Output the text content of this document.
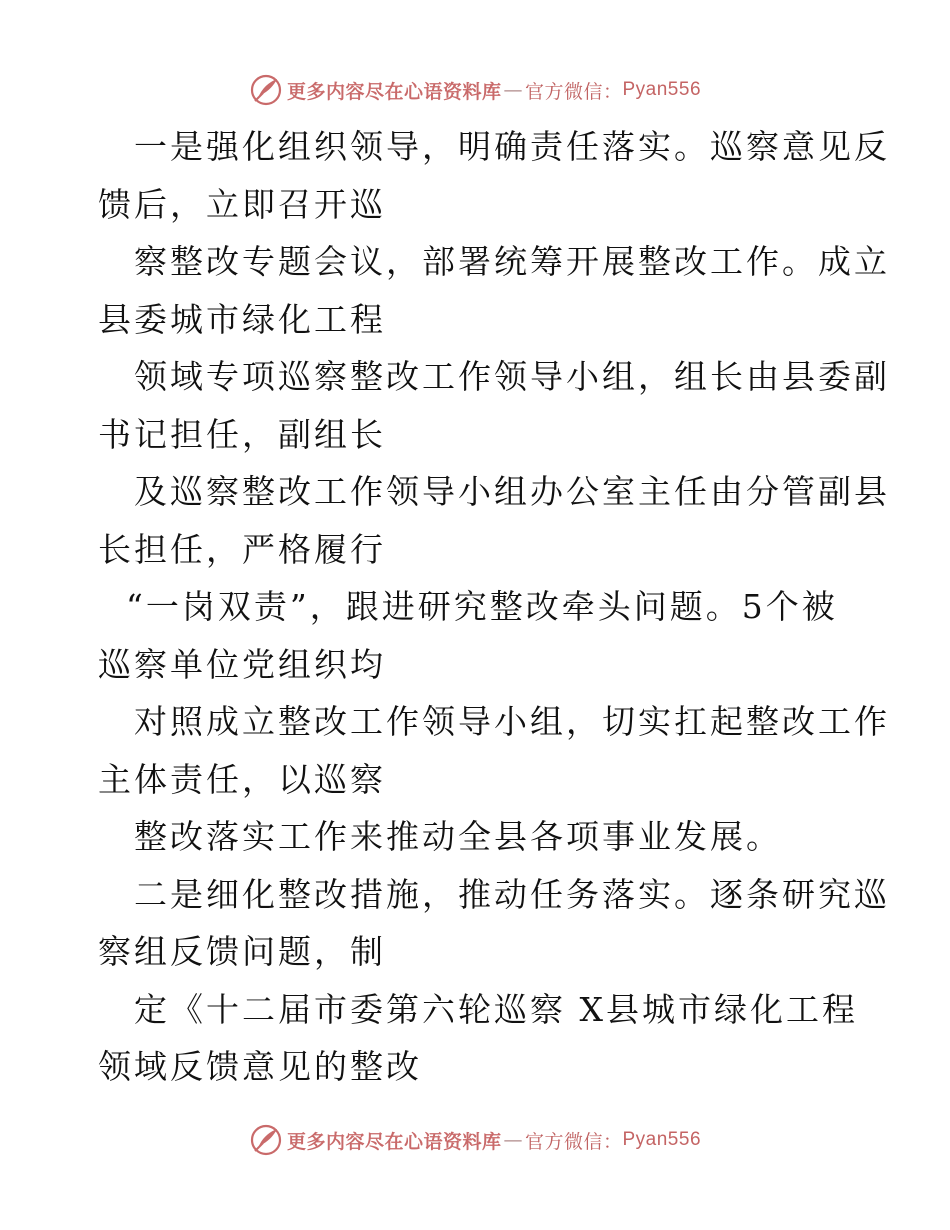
更多内容尽在心语资料库 — 官方微信： Pyan556
一是强化组织领导，明确责任落实。巡察意见反
馈后，立即召开巡
察整改专题会议，部署统筹开展整改工作。成立
县委城市绿化工程
领域专项巡察整改工作领导小组，组长由县委副
书记担任，副组长
及巡察整改工作领导小组办公室主任由分管副县
长担任，严格履行
“一岗双责”，跟进研究整改牵头问题。5个被
巡察单位党组织均
对照成立整改工作领导小组，切实扛起整改工作
主体责任，以巡察
整改落实工作来推动全县各项事业发展。
二是细化整改措施，推动任务落实。逐条研究巡
察组反馈问题，制
定《十二届市委第六轮巡察 X县城市绿化工程
领域反馈意见的整改
更多内容尽在心语资料库 — 官方微信： Pyan556
